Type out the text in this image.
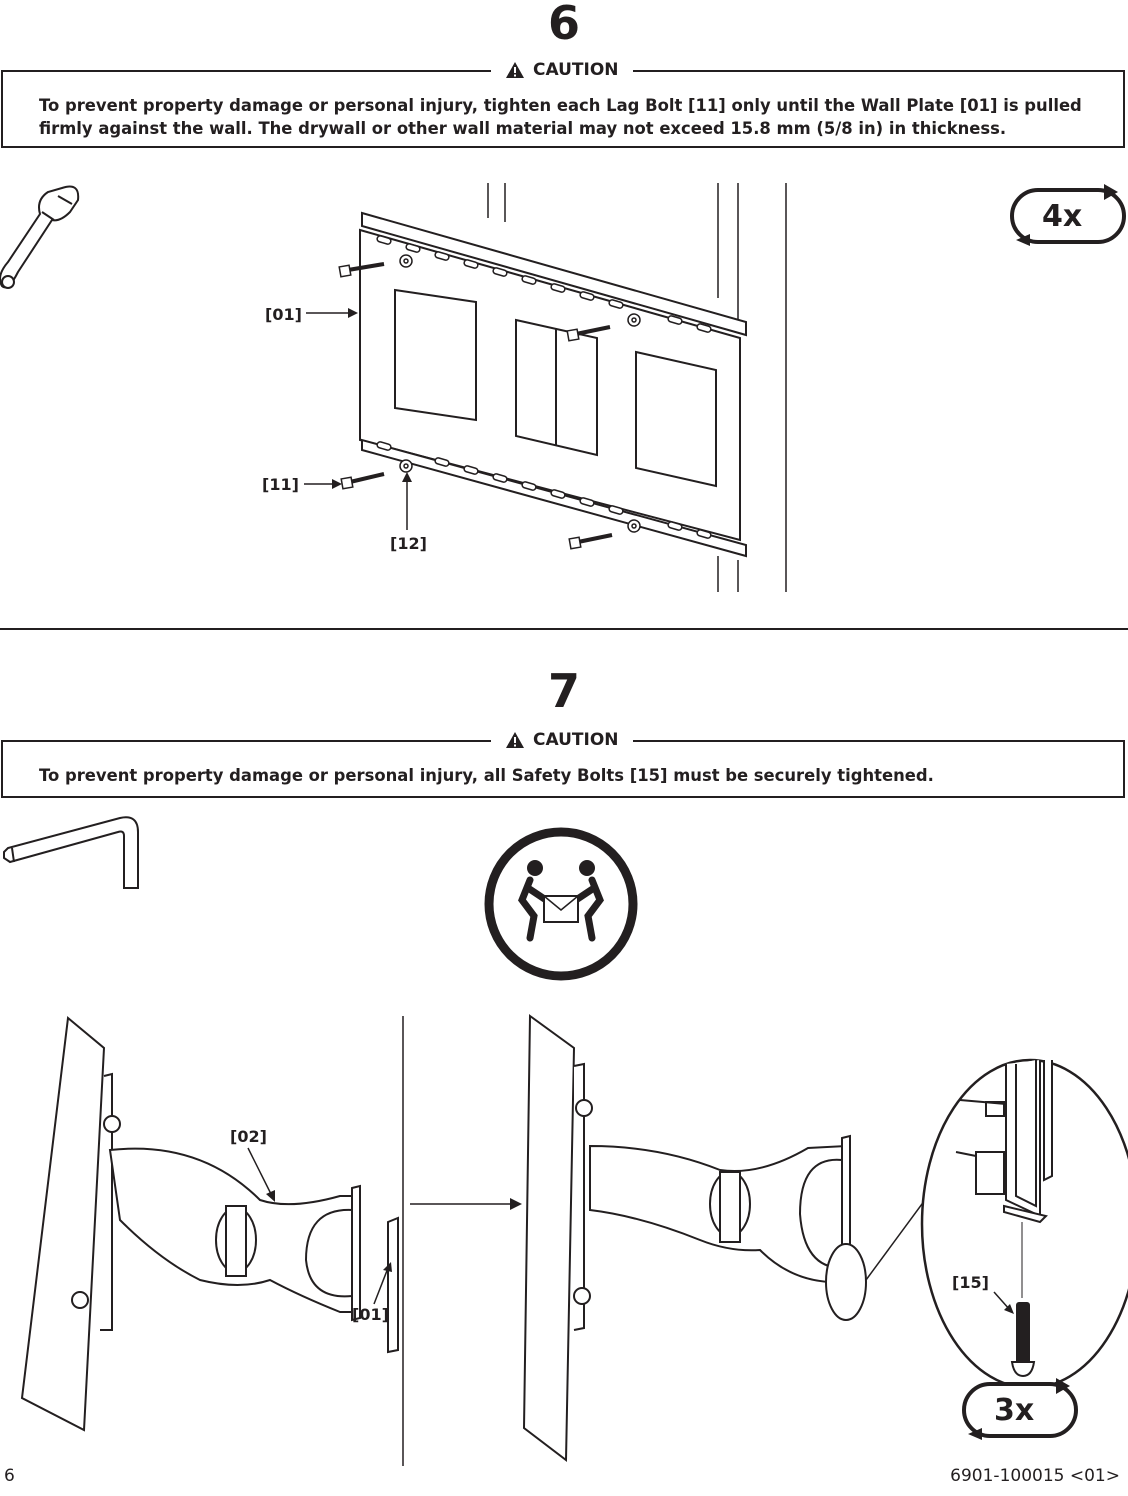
6
CAUTION
To prevent property damage or personal injury, tighten each Lag Bolt [11] only until the Wall Plate [01] is pulled firmly against the wall. The drywall or other wall material may not exceed 15.8 mm (5/8 in) in thickness.
[01]
[11]
[12]
4x
7
CAUTION
To prevent property damage or personal injury, all Safety Bolts [15] must be securely tightened.
[02]
[01]
[15]
3x
6	6901-100015 <01>
